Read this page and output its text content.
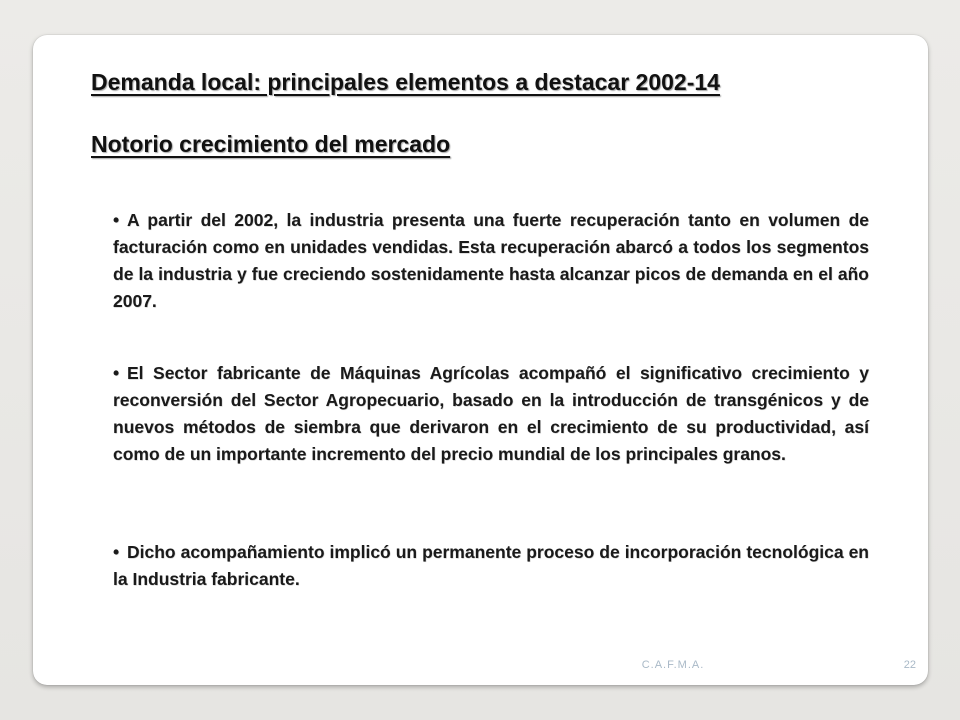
Demanda local: principales elementos a destacar 2002-14
Notorio crecimiento del mercado

• A partir del 2002, la industria presenta una fuerte recuperación tanto en volumen de facturación como en unidades vendidas. Esta recuperación abarcó a todos los segmentos de la industria y fue creciendo sostenidamente hasta alcanzar picos de demanda en el año 2007.

• El Sector fabricante de Máquinas Agrícolas acompañó el significativo crecimiento y reconversión del Sector Agropecuario, basado en la introducción de transgénicos y de nuevos métodos de siembra que derivaron en el crecimiento de su productividad, así como de un importante incremento del precio mundial de los principales granos.

• Dicho acompañamiento implicó un permanente proceso de incorporación tecnológica en la Industria fabricante.

C.A.F.M.A.	22
